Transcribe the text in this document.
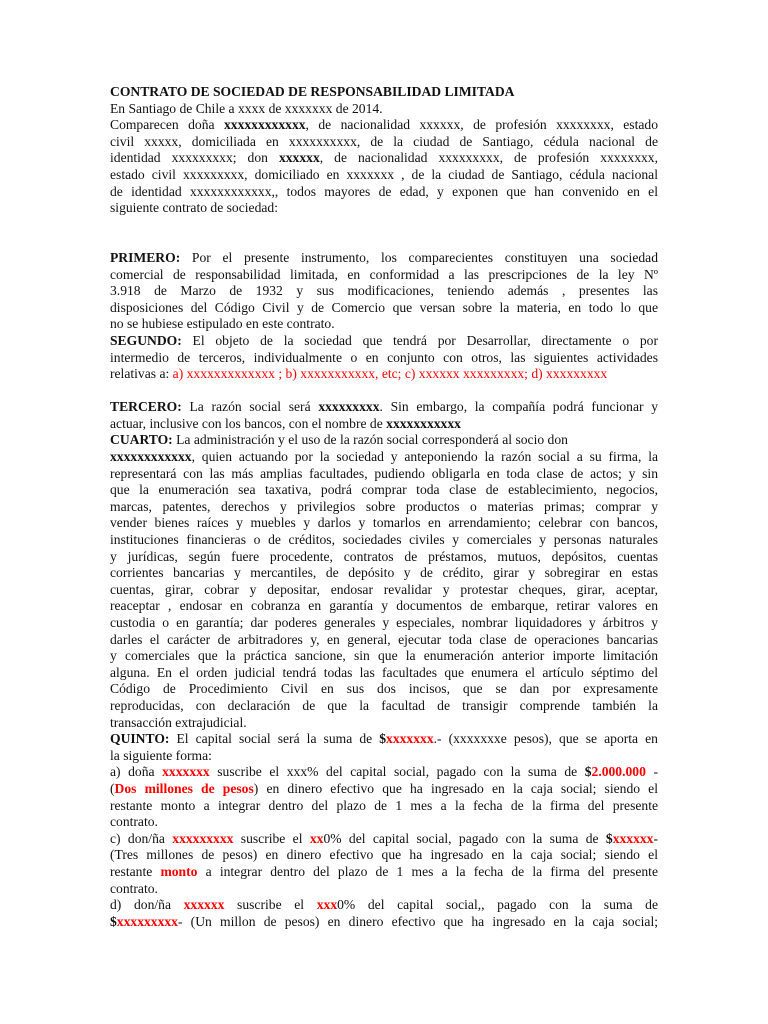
CONTRATO DE SOCIEDAD DE RESPONSABILIDAD LIMITADA
En Santiago de Chile a xxxx de xxxxxxx de 2014.
Comparecen doña xxxxxxxxxxxx, de nacionalidad xxxxxx, de profesión xxxxxxxx, estado
civil xxxxx, domiciliada en xxxxxxxxxx, de la ciudad de Santiago, cédula nacional de
identidad xxxxxxxxx; don xxxxxx, de nacionalidad xxxxxxxxx, de profesión xxxxxxxx,
estado civil xxxxxxxxx, domiciliado en xxxxxxx , de la ciudad de Santiago, cédula nacional
de identidad xxxxxxxxxxxx,, todos mayores de edad, y exponen que han convenido en el
siguiente contrato de sociedad:
PRIMERO: Por el presente instrumento, los comparecientes constituyen una sociedad
comercial de responsabilidad limitada, en conformidad a las prescripciones de la ley Nº
3.918 de Marzo de 1932 y sus modificaciones, teniendo además , presentes las
disposiciones del Código Civil y de Comercio que versan sobre la materia, en todo lo que
no se hubiese estipulado en este contrato.
SEGUNDO: El objeto de la sociedad que tendrá por Desarrollar, directamente o por
intermedio de terceros, individualmente o en conjunto con otros, las siguientes actividades
relativas a: a) xxxxxxxxxxxxx ; b) xxxxxxxxxxx, etc; c) xxxxxx xxxxxxxxx; d) xxxxxxxxx
TERCERO: La razón social será xxxxxxxxx. Sin embargo, la compañía podrá funcionar y
actuar, inclusive con los bancos, con el nombre de xxxxxxxxxxx
CUARTO: La administración y el uso de la razón social corresponderá al socio don
xxxxxxxxxxxx, quien actuando por la sociedad y anteponiendo la razón social a su firma, la
representará con las más amplias facultades, pudiendo obligarla en toda clase de actos; y sin
que la enumeración sea taxativa, podrá comprar toda clase de establecimiento, negocios,
marcas, patentes, derechos y privilegios sobre productos o materias primas; comprar y
vender bienes raíces y muebles y darlos y tomarlos en arrendamiento; celebrar con bancos,
instituciones financieras o de créditos, sociedades civiles y comerciales y personas naturales
y jurídicas, según fuere procedente, contratos de préstamos, mutuos, depósitos, cuentas
corrientes bancarias y mercantiles, de depósito y de crédito, girar y sobregirar en estas
cuentas, girar, cobrar y depositar, endosar revalidar y protestar cheques, girar, aceptar,
reaceptar , endosar en cobranza en garantía y documentos de embarque, retirar valores en
custodia o en garantía; dar poderes generales y especiales, nombrar liquidadores y árbitros y
darles el carácter de arbitradores y, en general, ejecutar toda clase de operaciones bancarias
y comerciales que la práctica sancione, sin que la enumeración anterior importe limitación
alguna. En el orden judicial tendrá todas las facultades que enumera el artículo séptimo del
Código de Procedimiento Civil en sus dos incisos, que se dan por expresamente
reproducidas, con declaración de que la facultad de transigir comprende también la
transacción extrajudicial.
QUINTO: El capital social será la suma de $xxxxxxx.- (xxxxxxxe pesos), que se aporta en
la siguiente forma:
a) doña xxxxxxx suscribe el xxx% del capital social, pagado con la suma de $2.000.000 -
(Dos millones de pesos) en dinero efectivo que ha ingresado en la caja social; siendo el
restante monto a integrar dentro del plazo de 1 mes a la fecha de la firma del presente
contrato.
c) don/ña xxxxxxxxx suscribe el xx0% del capital social, pagado con la suma de $xxxxxx-
(Tres millones de pesos) en dinero efectivo que ha ingresado en la caja social; siendo el
restante monto a integrar dentro del plazo de 1 mes a la fecha de la firma del presente
contrato.
d) don/ña xxxxxx suscribe el xxx0% del capital social,, pagado con la suma de
$xxxxxxxxx- (Un millon de pesos) en dinero efectivo que ha ingresado en la caja social;
